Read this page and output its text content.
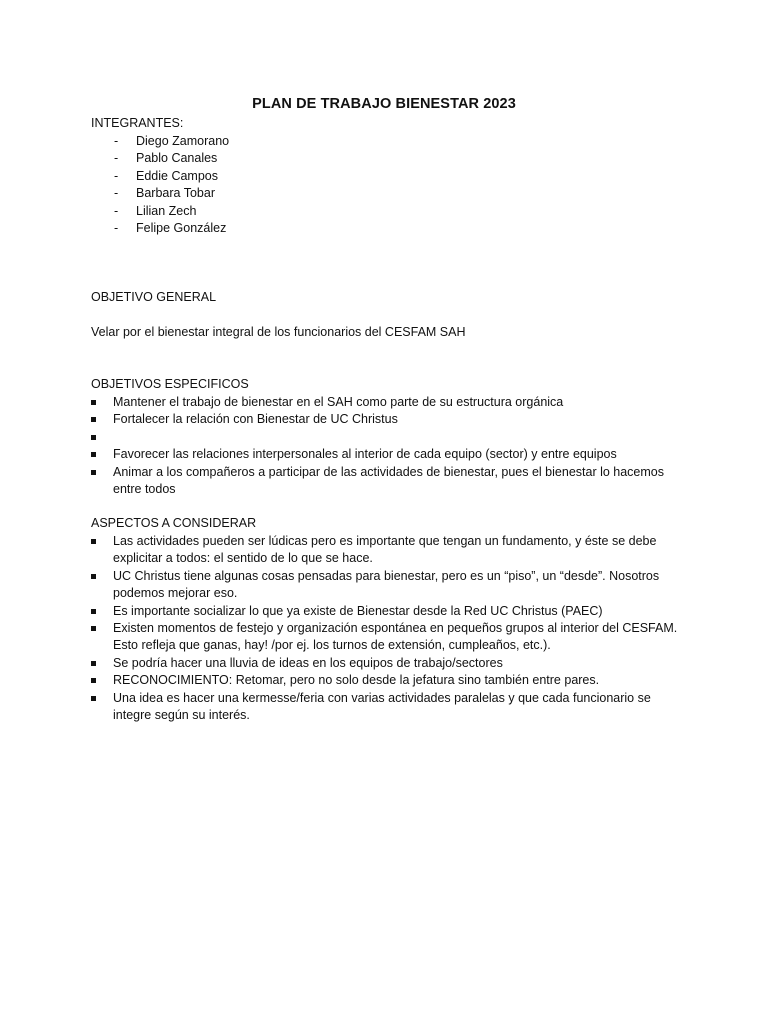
PLAN DE TRABAJO BIENESTAR 2023
INTEGRANTES:
- Diego Zamorano
- Pablo Canales
- Eddie Campos
- Barbara Tobar
- Lilian Zech
- Felipe González
OBJETIVO GENERAL
Velar por el bienestar integral de los funcionarios del CESFAM SAH
OBJETIVOS ESPECIFICOS
Mantener el trabajo de bienestar en el SAH como parte de su estructura orgánica
Fortalecer la relación con Bienestar de UC Christus
Favorecer las relaciones interpersonales al interior de cada equipo (sector) y entre equipos
Animar a los compañeros a participar de las actividades de bienestar, pues el bienestar lo hacemos
entre todos
ASPECTOS A CONSIDERAR
Las actividades pueden ser lúdicas pero es importante que tengan un fundamento, y éste se debe
explicitar a todos: el sentido de lo que se hace.
UC Christus tiene algunas cosas pensadas para bienestar, pero es un “piso”, un “desde”. Nosotros
podemos mejorar eso.
Es importante socializar lo que ya existe de Bienestar desde la Red UC Christus (PAEC)
Existen momentos de festejo y organización espontánea en pequeños grupos al interior del CESFAM.
Esto refleja que ganas, hay! /por ej. los turnos de extensión, cumpleaños, etc.).
Se podría hacer una lluvia de ideas en los equipos de trabajo/sectores
RECONOCIMIENTO: Retomar, pero no solo desde la jefatura sino también entre pares.
Una idea es hacer una kermesse/feria con varias actividades paralelas y que cada funcionario se
integre según su interés.
